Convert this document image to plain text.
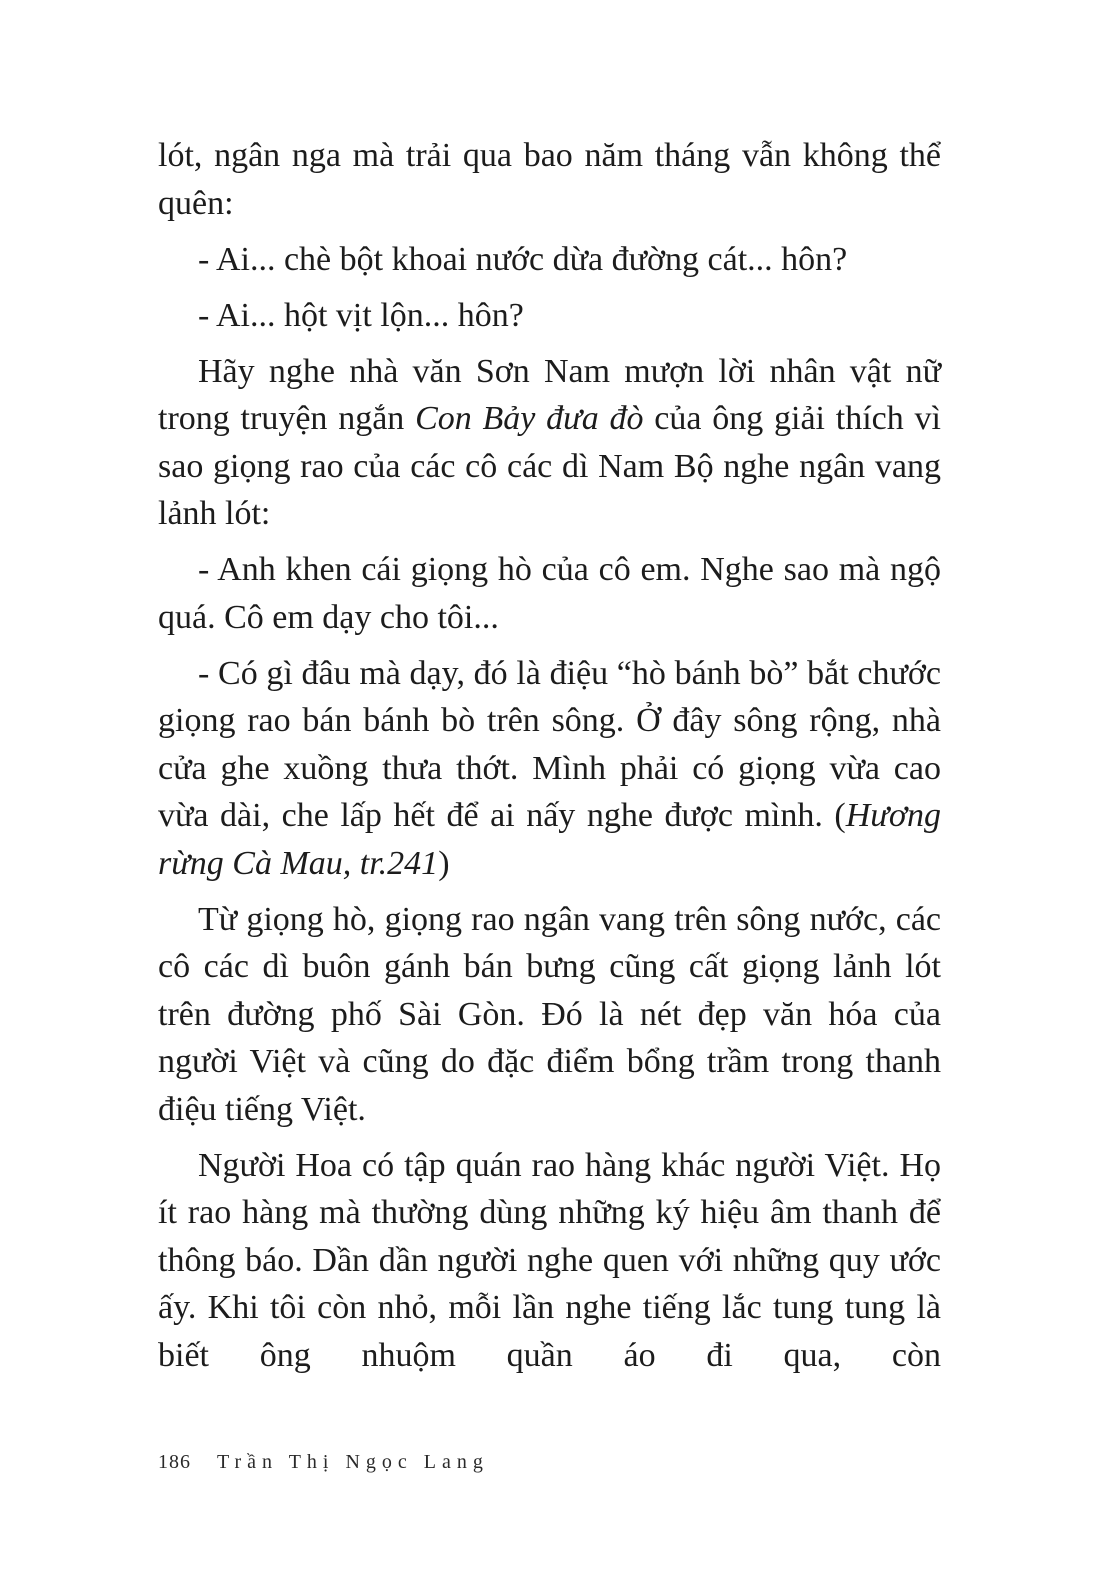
lót, ngân nga mà trải qua bao năm tháng vẫn không thể quên:

- Ai... chè bột khoai nước dừa đường cát... hôn?

- Ai... hột vịt lộn... hôn?

Hãy nghe nhà văn Sơn Nam mượn lời nhân vật nữ trong truyện ngắn Con Bảy đưa đò của ông giải thích vì sao giọng rao của các cô các dì Nam Bộ nghe ngân vang lảnh lót:

- Anh khen cái giọng hò của cô em. Nghe sao mà ngộ quá. Cô em dạy cho tôi...

- Có gì đâu mà dạy, đó là điệu “hò bánh bò” bắt chước giọng rao bán bánh bò trên sông. Ở đây sông rộng, nhà cửa ghe xuồng thưa thớt. Mình phải có giọng vừa cao vừa dài, che lấp hết để ai nấy nghe được mình. (Hương rừng Cà Mau, tr.241)

Từ giọng hò, giọng rao ngân vang trên sông nước, các cô các dì buôn gánh bán bưng cũng cất giọng lảnh lót trên đường phố Sài Gòn. Đó là nét đẹp văn hóa của người Việt và cũng do đặc điểm bổng trầm trong thanh điệu tiếng Việt.

Người Hoa có tập quán rao hàng khác người Việt. Họ ít rao hàng mà thường dùng những ký hiệu âm thanh để thông báo. Dần dần người nghe quen với những quy ước ấy. Khi tôi còn nhỏ, mỗi lần nghe tiếng lắc tung tung là biết ông nhuộm quần áo đi qua, còn

186 Trần Thị Ngọc Lang
